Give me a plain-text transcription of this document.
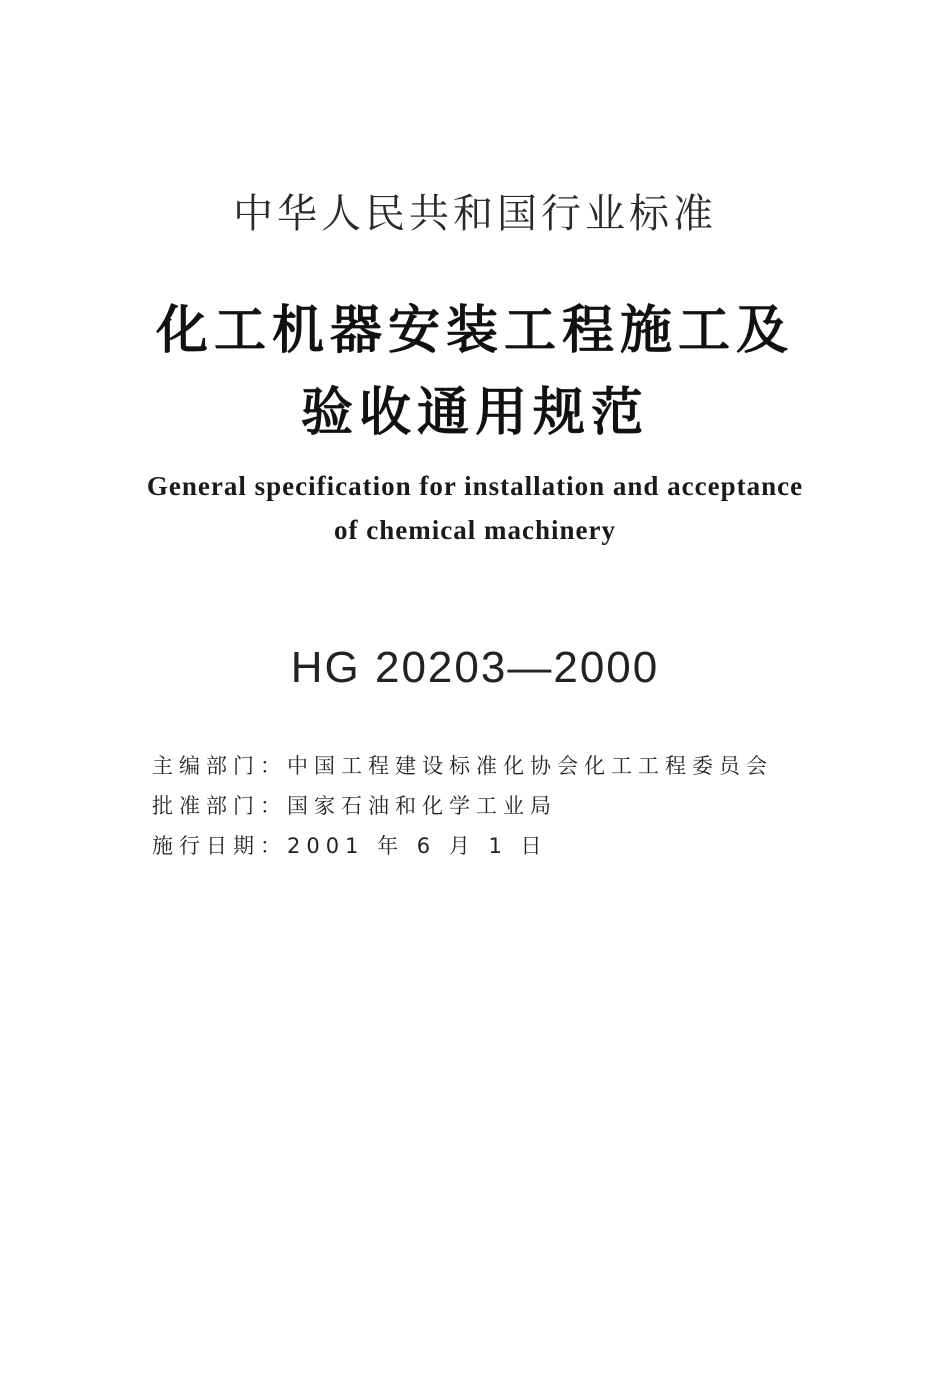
中华人民共和国行业标准
化工机器安装工程施工及
验收通用规范
General specification for installation and acceptance
of chemical machinery
HG 20203—2000
主编部门：中国工程建设标准化协会化工工程委员会
批准部门：国家石油和化学工业局
施行日期：2001 年 6 月 1 日
